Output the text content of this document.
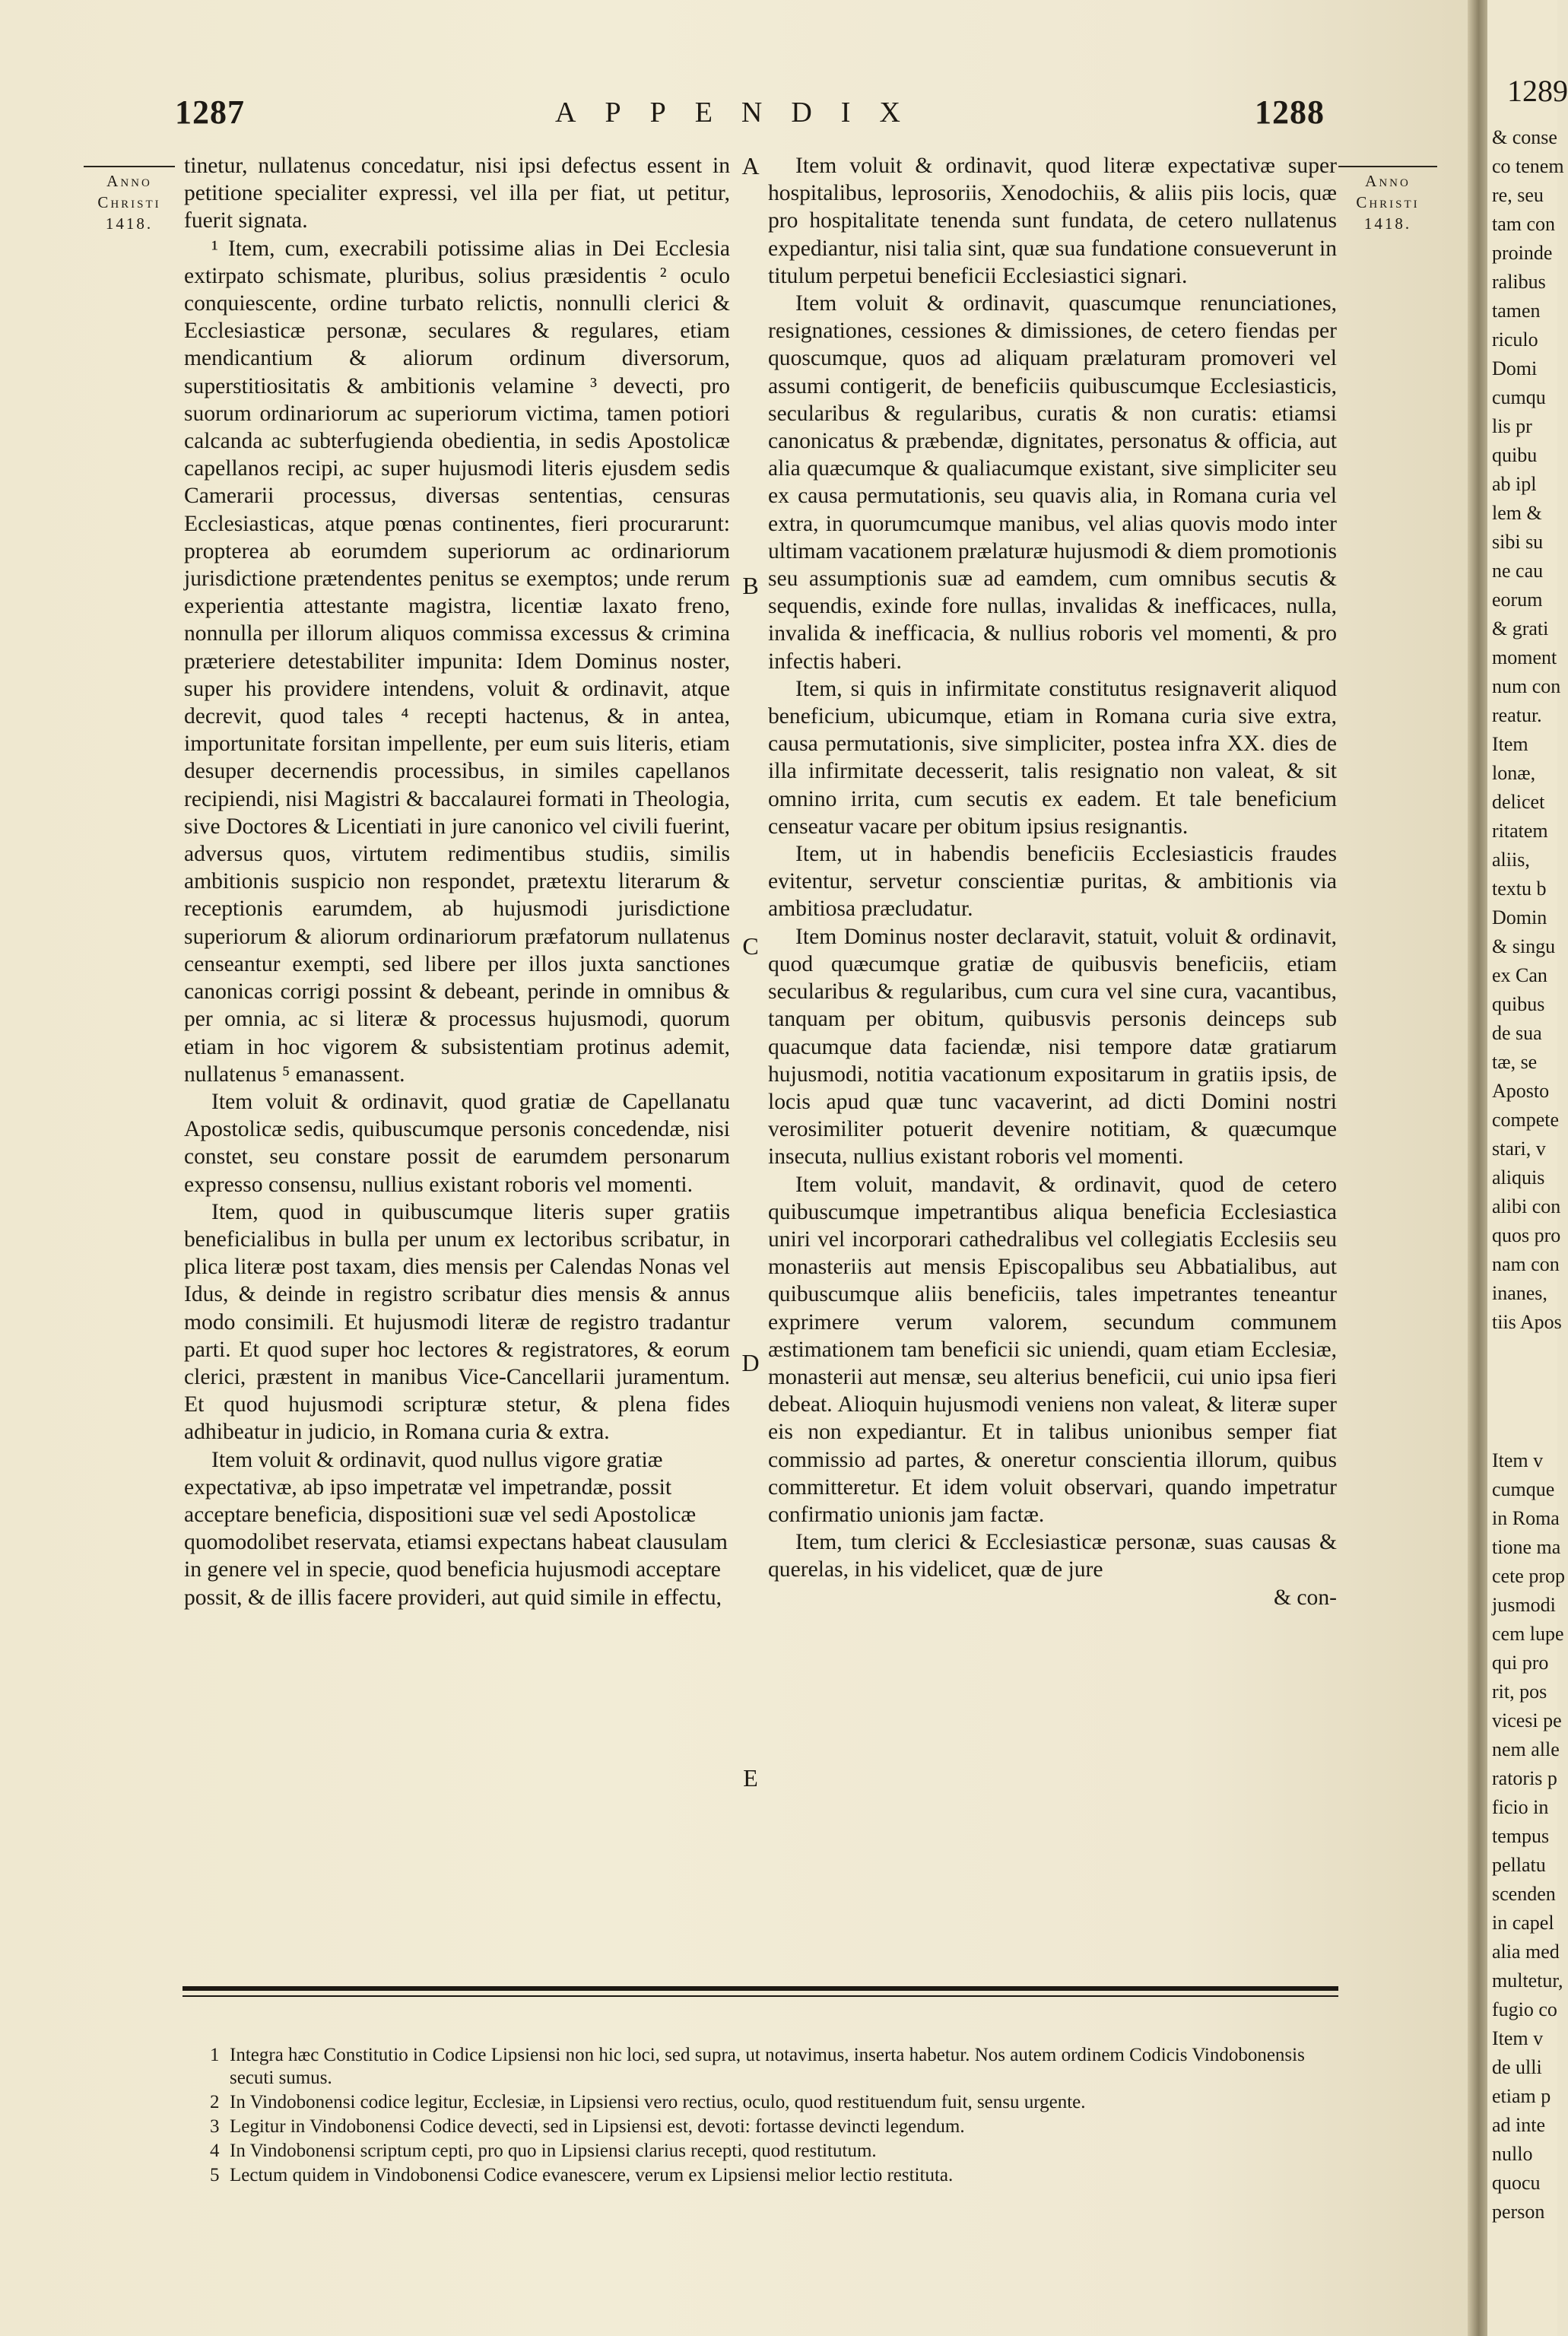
1287	APPENDIX	1288
Anno
Christi
1418.
Anno
Christi
1418.

tinetur, nullatenus concedatur, nisi ipsi defectus essent in petitione specialiter expressi, vel illa per fiat, ut petitur, fuerit signata.

¹ Item, cum, execrabili potissime alias in Dei Ecclesia extirpato schismate, pluribus, solius præsidentis ² oculo conquiescente, ordine turbato relictis, nonnulli clerici & Ecclesiasticæ personæ, seculares & regulares, etiam mendicantium & aliorum ordinum diversorum, superstitiositatis & ambitionis velamine ³ devecti, pro suorum ordinariorum ac superiorum victima, tamen potiori calcanda ac subterfugienda obedientia, in sedis Apostolicæ capellanos recipi, ac super hujusmodi literis ejusdem sedis Camerarii processus, diversas sententias, censuras Ecclesiasticas, atque pœnas continentes, fieri procurarunt: propterea ab eorumdem superiorum ac ordinariorum jurisdictione prætendentes penitus se exemptos; unde rerum experientia attestante magistra, licentiæ laxato freno, nonnulla per illorum aliquos commissa excessus & crimina præteriere detestabiliter impunita: Idem Dominus noster, super his providere intendens, voluit & ordinavit, atque decrevit, quod tales ⁴ recepti hactenus, & in antea, importunitate forsitan impellente, per eum suis literis, etiam desuper decernendis processibus, in similes capellanos recipiendi, nisi Magistri & baccalaurei formati in Theologia, sive Doctores & Licentiati in jure canonico vel civili fuerint, adversus quos, virtutem redimentibus studiis, similis ambitionis suspicio non respondet, prætextu literarum & receptionis earumdem, ab hujusmodi jurisdictione superiorum & aliorum ordinariorum præfatorum nullatenus censeantur exempti, sed libere per illos juxta sanctiones canonicas corrigi possint & debeant, perinde in omnibus & per omnia, ac si literæ & processus hujusmodi, quorum etiam in hoc vigorem & subsistentiam protinus ademit, nullatenus ⁵ emanassent.

Item voluit & ordinavit, quod gratiæ de Capellanatu Apostolicæ sedis, quibuscumque personis concedendæ, nisi constet, seu constare possit de earumdem personarum expresso consensu, nullius existant roboris vel momenti.

Item, quod in quibuscumque literis super gratiis beneficialibus in bulla per unum ex lectoribus scribatur, in plica literæ post taxam, dies mensis per Calendas Nonas vel Idus, & deinde in registro scribatur dies mensis & annus modo consimili. Et hujusmodi literæ de registro tradantur parti. Et quod super hoc lectores & registratores, & eorum clerici, præstent in manibus Vice-Cancellarii juramentum. Et quod hujusmodi scripturæ stetur, & plena fides adhibeatur in judicio, in Romana curia & extra.

Item voluit & ordinavit, quod nullus vigore gratiæ expectativæ, ab ipso impetratæ vel impetrandæ, possit acceptare beneficia, dispositioni suæ vel sedi Apostolicæ quomodolibet reservata, etiamsi expectans habeat clausulam in genere vel in specie, quod beneficia hujusmodi acceptare possit, & de illis facere provideri, aut quid simile in effectu,

A
B
C
D
E

Item voluit & ordinavit, quod literæ expectativæ super hospitalibus, leprosoriis, Xenodochiis, & aliis piis locis, quæ pro hospitalitate tenenda sunt fundata, de cetero nullatenus expediantur, nisi talia sint, quæ sua fundatione consueverunt in titulum perpetui beneficii Ecclesiastici signari.

Item voluit & ordinavit, quascumque renunciationes, resignationes, cessiones & dimissiones, de cetero fiendas per quoscumque, quos ad aliquam prælaturam promoveri vel assumi contigerit, de beneficiis quibuscumque Ecclesiasticis, secularibus & regularibus, curatis & non curatis: etiamsi canonicatus & præbendæ, dignitates, personatus & officia, aut alia quæcumque & qualiacumque existant, sive simpliciter seu ex causa permutationis, seu quavis alia, in Romana curia vel extra, in quorumcumque manibus, vel alias quovis modo inter ultimam vacationem prælaturæ hujusmodi & diem promotionis seu assumptionis suæ ad eamdem, cum omnibus secutis & sequendis, exinde fore nullas, invalidas & inefficaces, nulla, invalida & inefficacia, & nullius roboris vel momenti, & pro infectis haberi.

Item, si quis in infirmitate constitutus resignaverit aliquod beneficium, ubicumque, etiam in Romana curia sive extra, causa permutationis, sive simpliciter, postea infra XX. dies de illa infirmitate decesserit, talis resignatio non valeat, & sit omnino irrita, cum secutis ex eadem. Et tale beneficium censeatur vacare per obitum ipsius resignantis.

Item, ut in habendis beneficiis Ecclesiasticis fraudes evitentur, servetur conscientiæ puritas, & ambitionis via ambitiosa præcludatur.

Item Dominus noster declaravit, statuit, voluit & ordinavit, quod quæcumque gratiæ de quibusvis beneficiis, etiam secularibus & regularibus, cum cura vel sine cura, vacantibus, tanquam per obitum, quibusvis personis deinceps sub quacumque data faciendæ, nisi tempore datæ gratiarum hujusmodi, notitia vacationum expositarum in gratiis ipsis, de locis apud quæ tunc vacaverint, ad dicti Domini nostri verosimiliter potuerit devenire notitiam, & quæcumque insecuta, nullius existant roboris vel momenti.

Item voluit, mandavit, & ordinavit, quod de cetero quibuscumque impetrantibus aliqua beneficia Ecclesiastica uniri vel incorporari cathedralibus vel collegiatis Ecclesiis seu monasteriis aut mensis Episcopalibus seu Abbatialibus, aut quibuscumque aliis beneficiis, tales impetrantes teneantur exprimere verum valorem, secundum communem æstimationem tam beneficii sic uniendi, quam etiam Ecclesiæ, monasterii aut mensæ, seu alterius beneficii, cui unio ipsa fieri debeat. Alioquin hujusmodi veniens non valeat, & literæ super eis non expediantur. Et in talibus unionibus semper fiat commissio ad partes, & oneretur conscientia illorum, quibus committeretur. Et idem voluit observari, quando impetratur confirmatio unionis jam factæ.

Item, tum clerici & Ecclesiasticæ personæ, suas causas & querelas, in his videlicet, quæ de jure

& con-

1 Integra hæc Constitutio in Codice Lipsiensi non hic loci, sed supra, ut notavimus, inserta habetur. Nos autem ordinem Codicis Vindobonensis secuti sumus.
2 In Vindobonensi codice legitur, Ecclesiæ, in Lipsiensi vero rectius, oculo, quod restituendum fuit, sensu urgente.
3 Legitur in Vindobonensi Codice devecti, sed in Lipsiensi est, devoti: fortasse devincti legendum.
4 In Vindobonensi scriptum cepti, pro quo in Lipsiensi clarius recepti, quod restitutum.
5 Lectum quidem in Vindobonensi Codice evanescere, verum ex Lipsiensi melior lectio restituta.
1289
& conse
co tenem
re, seu
tam con
proinde
ralibus
tamen
riculo
Domi
cumqu
lis pr
quibu
ab ipl
lem &
sibi su
ne cau
eorum
& grati
moment
num con
reatur.
Item
lonæ,
delicet
ritatem
aliis,
textu b
Domin
& singu
ex Can
quibus
de sua
tæ, se
Aposto
compete
stari, v
aliquis
alibi con
quos pro
nam con
inanes,
tiis Apos
Item v
cumque
in Roma
tione ma
cete prop
jusmodi
cem lupe
qui pro
rit, pos
vicesi pe
nem alle
ratoris p
ficio in
tempus
pellatu
scenden
in capel
alia med
multetur,
fugio co
Item v
de ulli
etiam p
ad inte
nullo
quocu
person
